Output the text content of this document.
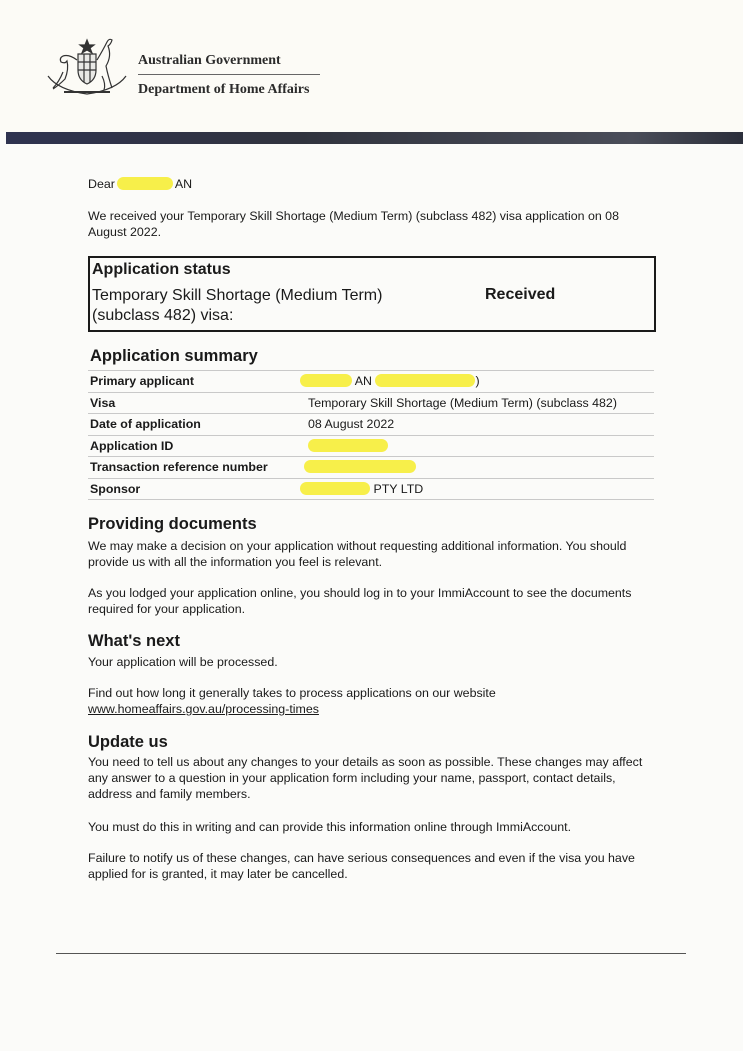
Australian Government
Department of Home Affairs
Dear	AN
We received your Temporary Skill Shortage (Medium Term) (subclass 482) visa application on 08 August 2022.
Application status
Temporary Skill Shortage (Medium Term) (subclass 482) visa:
Received
Application summary
Primary applicant	AN )
Visa	Temporary Skill Shortage (Medium Term) (subclass 482)
Date of application	08 August 2022
Application ID	
Transaction reference number	
Sponsor	PTY LTD
Providing documents
We may make a decision on your application without requesting additional information. You should provide us with all the information you feel is relevant.
As you lodged your application online, you should log in to your ImmiAccount to see the documents required for your application.
What's next
Your application will be processed.
Find out how long it generally takes to process applications on our website
www.homeaffairs.gov.au/processing-times
Update us
You need to tell us about any changes to your details as soon as possible. These changes may affect any answer to a question in your application form including your name, passport, contact details, address and family members.
You must do this in writing and can provide this information online through ImmiAccount.
Failure to notify us of these changes, can have serious consequences and even if the visa you have applied for is granted, it may later be cancelled.
